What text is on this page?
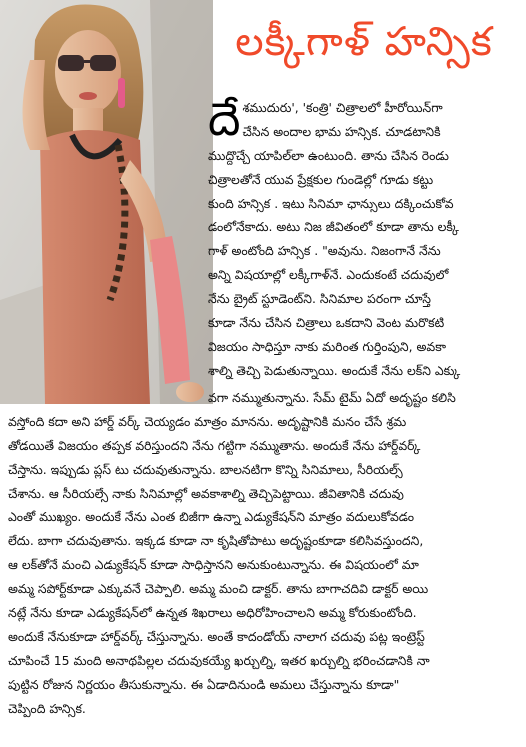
లక్కీగాళ్ హన్సిక
దేశముదురు', 'కంత్రి' చిత్రాలలో హీరోయిన్‌గా
చేసిన అందాల భామ హన్సిక. చూడటానికి
ముద్దొచ్చే యాపిల్‌లా ఉంటుంది. తాను చేసిన రెండు
చిత్రాలతోనే యువ ప్రేక్షకుల గుండెల్లో గూడు కట్టు
కుంది హన్సిక . ఇటు సినిమా ఛాన్సులు దక్కించుకోవ
డంలోనేకాదు. అటు నిజ జీవితంలో కూడా తాను లక్కీ
గాళ్ అంటోంది హన్సిక . "అవును. నిజంగానే నేను
అన్ని విషయాల్లో లక్కీగాళ్‌నే. ఎందుకంటే చదువులో
నేను బ్రైట్ స్టూడెంట్‌ని. సినిమాల పరంగా చూస్తే
కూడా నేను చేసిన చిత్రాలు ఒకదాని వెంట మరొకటి
విజయం సాధిస్తూ నాకు మరింత గుర్తింపుని, అవకా
శాల్ని తెచ్చి పెడుతున్నాయి. అందుకే నేను లక్‌ని ఎక్కు
వగా నమ్ముతున్నాను. సేమ్ టైమ్ ఏదో అదృష్టం కలిసి
వస్తోంది కదా అని హార్డ్ వర్క్ చెయ్యడం మాత్రం మానను. అదృష్టానికి మనం చేసే శ్రమ
తోడయితే విజయం తప్పక వరిస్తుందని నేను గట్టిగా నమ్ముతాను. అందుకే నేను హార్డ్‌వర్క్
చేస్తాను. ఇప్పుడు ప్లస్ టు చదువుతున్నాను. బాలనటిగా కొన్ని సినిమాలు, సీరియల్స్
చేశాను. ఆ సీరియల్సే నాకు సినిమాల్లో అవకాశాల్ని తెచ్చిపెట్టాయి. జీవితానికి చదువు
ఎంతో ముఖ్యం. అందుకే నేను ఎంత బిజీగా ఉన్నా ఎడ్యుకేషన్‌ని మాత్రం వదులుకోవడం
లేదు. బాగా చదువుతాను. ఇక్కడ కూడా నా కృషితోపాటు అదృష్టంకూడా కలిసివస్తుందని,
ఆ లక్‌తోనే మంచి ఎడ్యుకేషన్ కూడా సాధిస్తానని అనుకుంటున్నాను. ఈ విషయంలో మా
అమ్మ సపోర్ట్‌కూడా ఎక్కువనే చెప్పాలి. అమ్మ మంచి డాక్టర్. తాను బాగాచదివి డాక్టర్ అయి
నట్లే నేను కూడా ఎడ్యుకేషన్‌లో ఉన్నత శిఖరాలు అధిరోహించాలని అమ్మ కోరుకుంటోంది.
అందుకే నేనుకూడా హార్డ్‌వర్క్ చేస్తున్నాను. అంతే కాదండోయ్ నాలాగ చదువు పట్ల ఇంట్రెస్ట్
చూపించే 15 మంది అనాథపిల్లల చదువుకయ్యే ఖర్చుల్ని, ఇతర ఖర్చుల్ని భరించడానికి నా
పుట్టిన రోజున నిర్ణయం తీసుకున్నాను. ఈ ఏడాదినుండి అమలు చేస్తున్నాను కూడా"
చెప్పింది హన్సిక.
